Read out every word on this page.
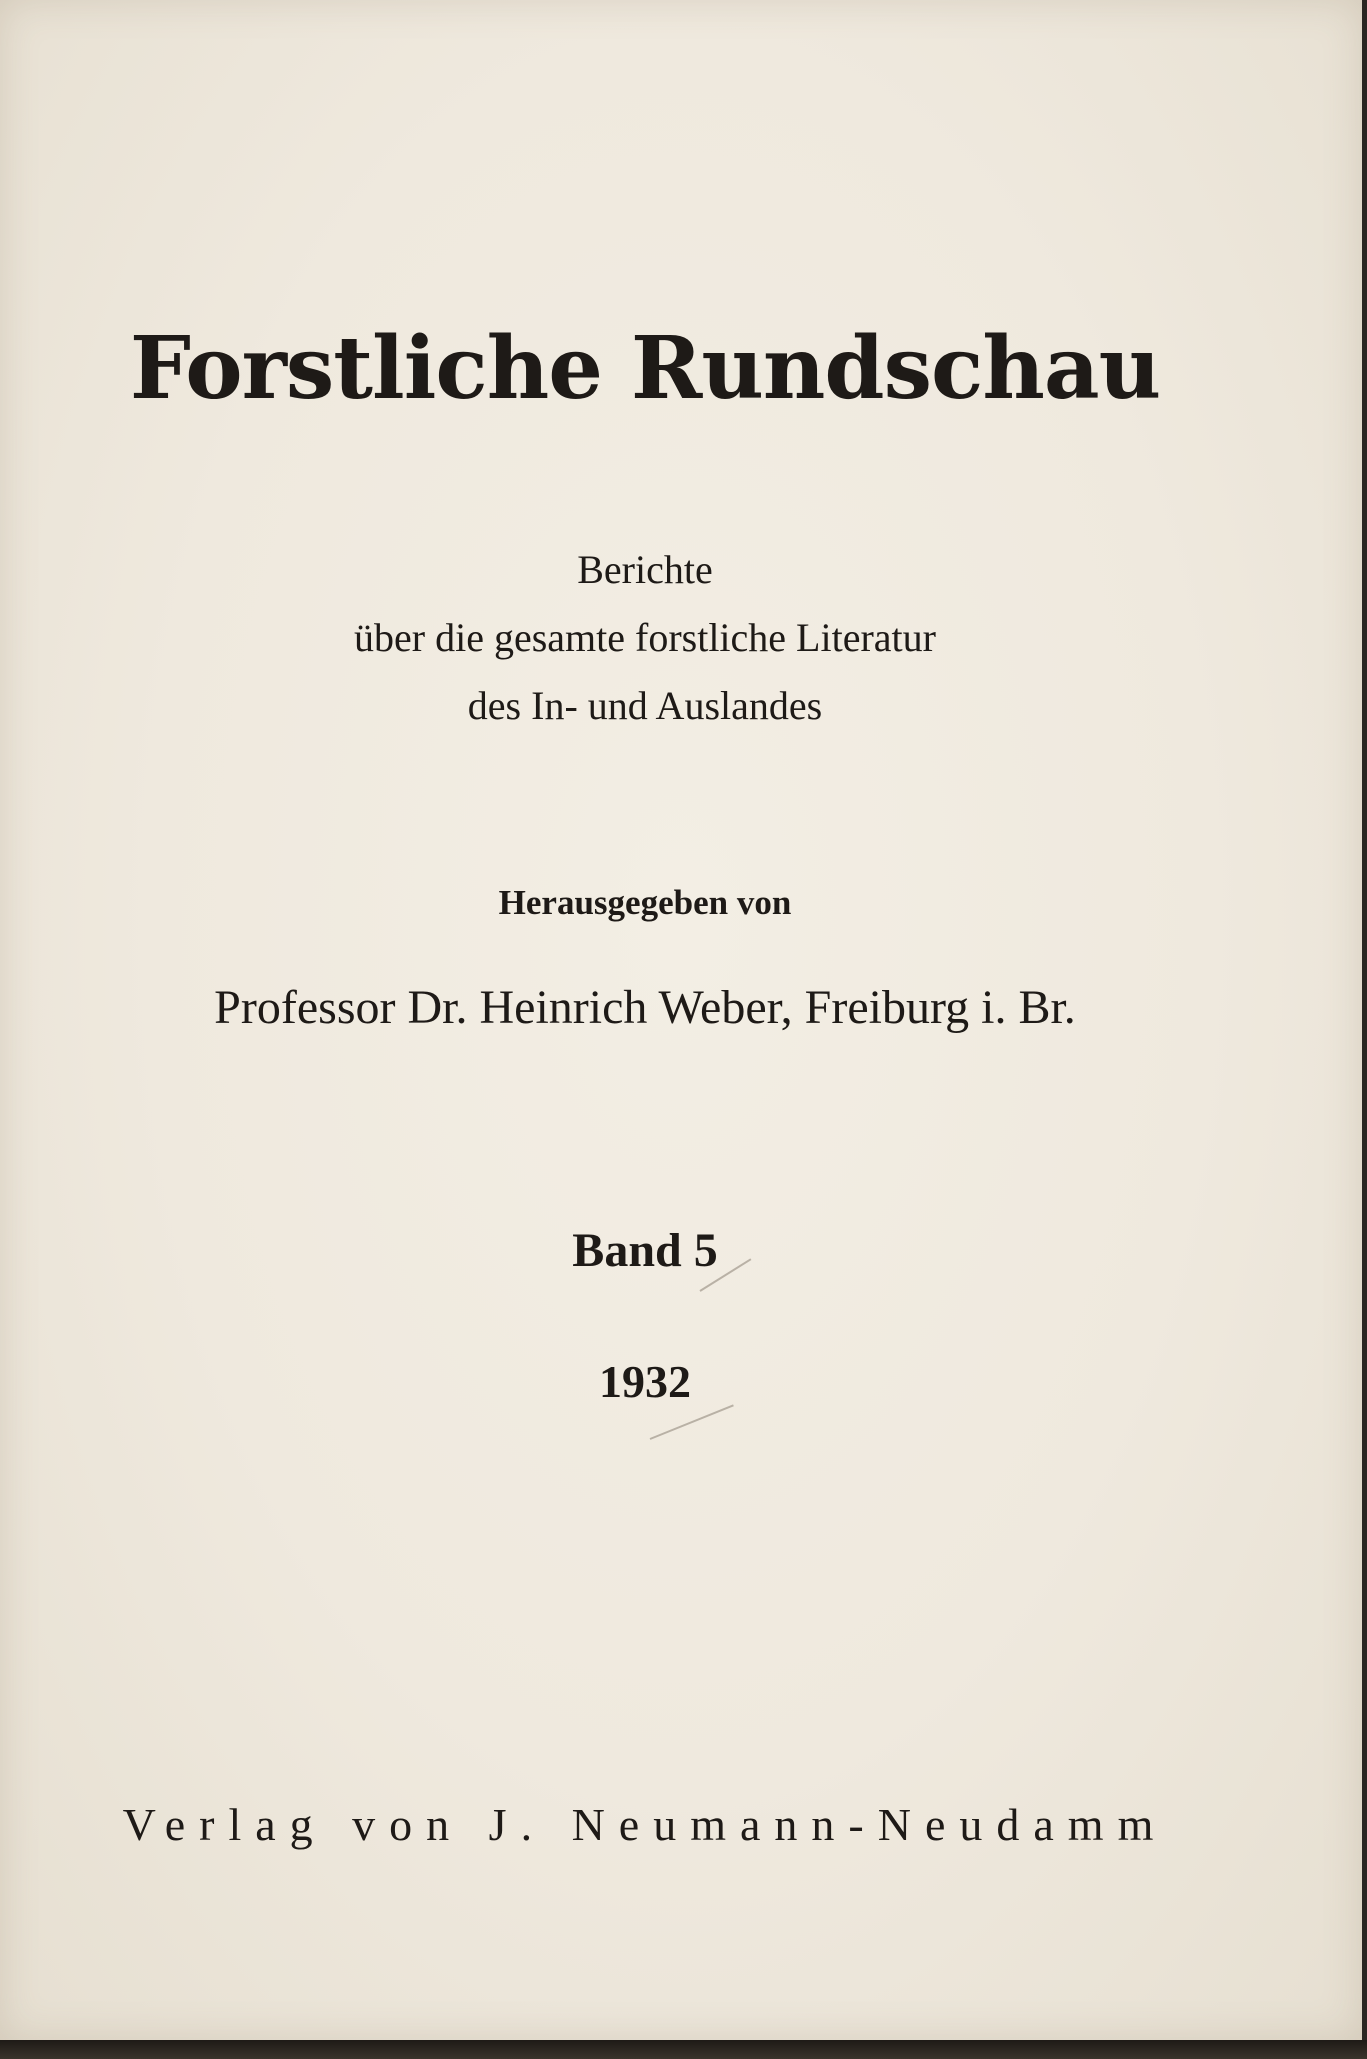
Forstliche Rundschau
Berichte
über die gesamte forstliche Literatur
des In- und Auslandes
Herausgegeben von
Professor Dr. Heinrich Weber, Freiburg i. Br.
Band 5
1932
Verlag von J. Neumann-Neudamm
